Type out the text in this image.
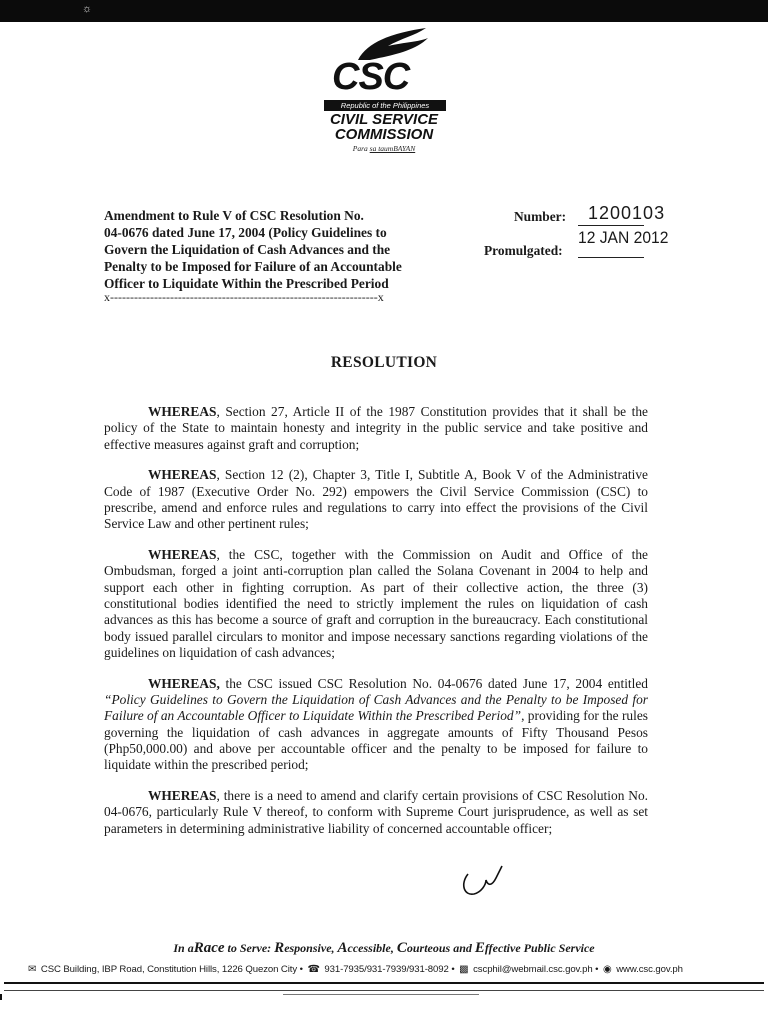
☼
CSC
Republic of the Philippines
CIVIL SERVICE
COMMISSION
Para sa taumBAYAN
Amendment to Rule V of CSC Resolution No.
04-0676 dated June 17, 2004 (Policy Guidelines to
Govern the Liquidation of Cash Advances and the
Penalty to be Imposed for Failure of an Accountable
Officer to Liquidate Within the Prescribed Period
x-------------------------------------------------------------------x
Number: 1200103
12 JAN 2012
Promulgated:
RESOLUTION

WHEREAS, Section 27, Article II of the 1987 Constitution provides that it shall be the policy of the State to maintain honesty and integrity in the public service and take positive and effective measures against graft and corruption;

WHEREAS, Section 12 (2), Chapter 3, Title I, Subtitle A, Book V of the Administrative Code of 1987 (Executive Order No. 292) empowers the Civil Service Commission (CSC) to prescribe, amend and enforce rules and regulations to carry into effect the provisions of the Civil Service Law and other pertinent rules;

WHEREAS, the CSC, together with the Commission on Audit and Office of the Ombudsman, forged a joint anti-corruption plan called the Solana Covenant in 2004 to help and support each other in fighting corruption. As part of their collective action, the three (3) constitutional bodies identified the need to strictly implement the rules on liquidation of cash advances as this has become a source of graft and corruption in the bureaucracy. Each constitutional body issued parallel circulars to monitor and impose necessary sanctions regarding violations of the guidelines on liquidation of cash advances;

WHEREAS, the CSC issued CSC Resolution No. 04-0676 dated June 17, 2004 entitled “Policy Guidelines to Govern the Liquidation of Cash Advances and the Penalty to be Imposed for Failure of an Accountable Officer to Liquidate Within the Prescribed Period”, providing for the rules governing the liquidation of cash advances in aggregate amounts of Fifty Thousand Pesos (Php50,000.00) and above per accountable officer and the penalty to be imposed for failure to liquidate within the prescribed period;

WHEREAS, there is a need to amend and clarify certain provisions of CSC Resolution No. 04-0676, particularly Rule V thereof, to conform with Supreme Court jurisprudence, as well as set parameters in determining administrative liability of concerned accountable officer;

In aRace to Serve: Responsive, Accessible, Courteous and Effective Public Service
✉ CSC Building, IBP Road, Constitution Hills, 1226 Quezon City • ☎ 931-7935/931-7939/931-8092 • ▩ cscphil@webmail.csc.gov.ph • ◉ www.csc.gov.ph
